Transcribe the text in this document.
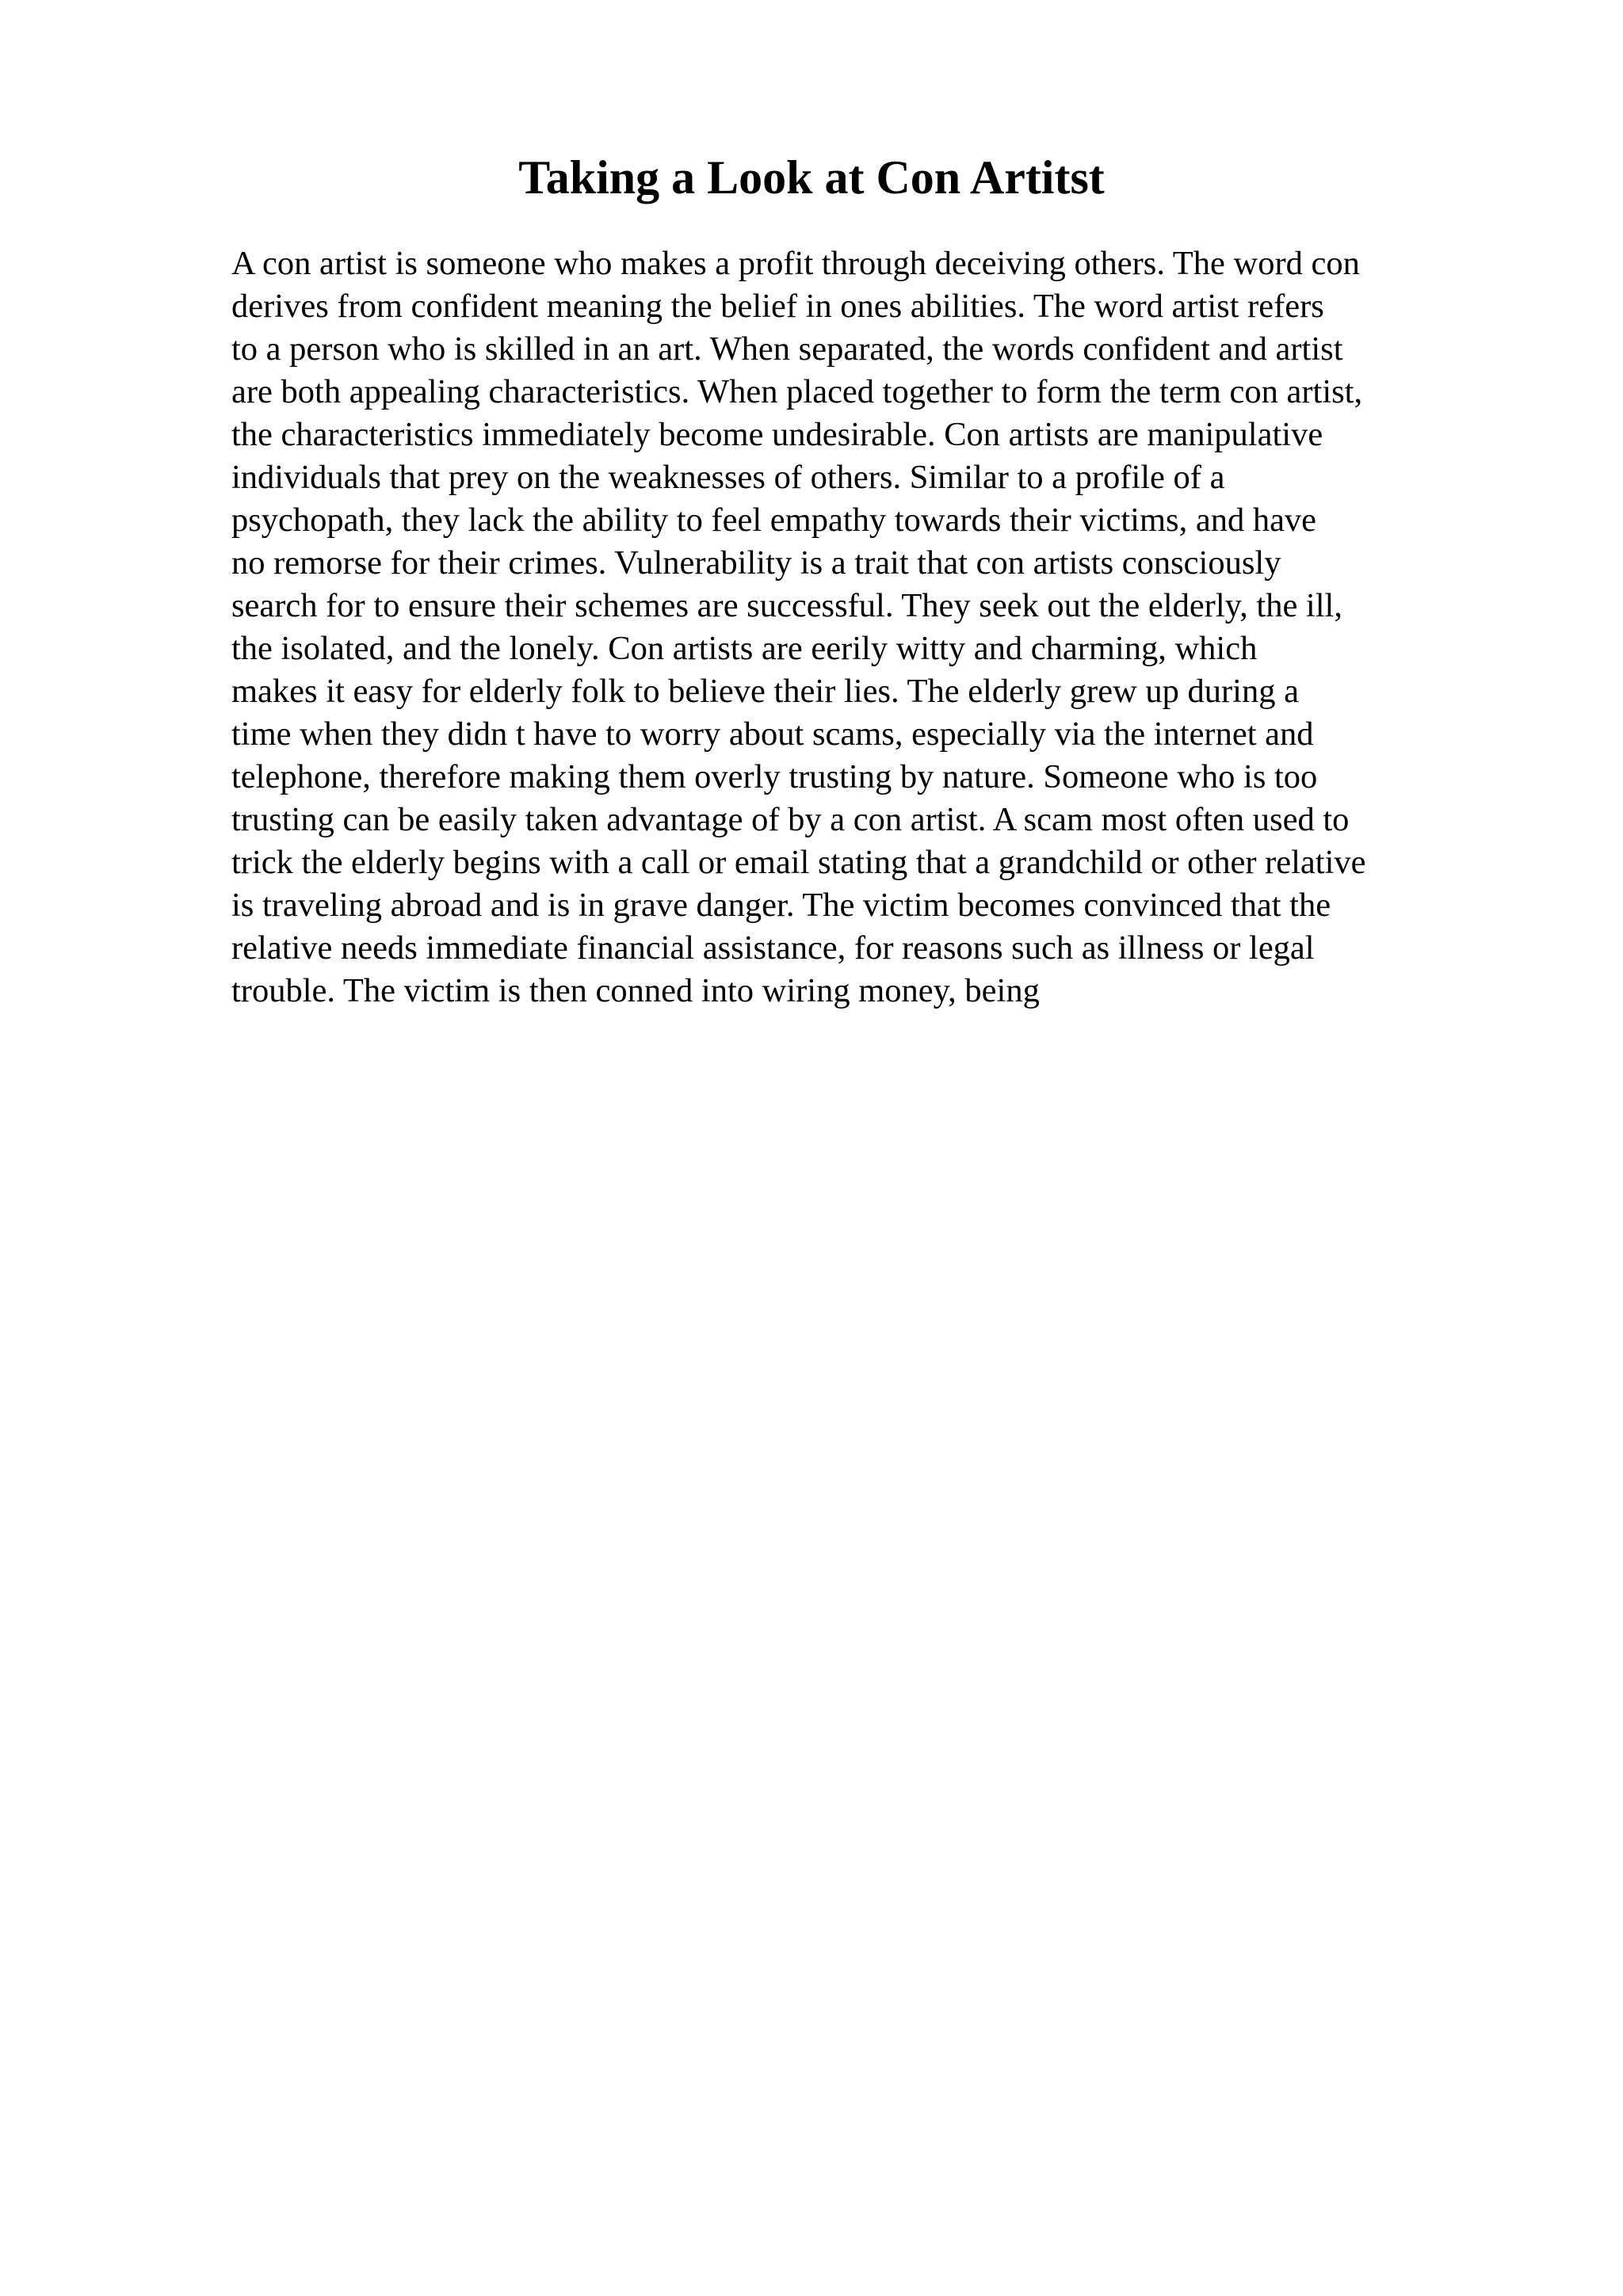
Taking a Look at Con Artitst
A con artist is someone who makes a profit through deceiving others. The word con
derives from confident meaning the belief in ones abilities. The word artist refers
to a person who is skilled in an art. When separated, the words confident and artist
are both appealing characteristics. When placed together to form the term con artist,
the characteristics immediately become undesirable. Con artists are manipulative
individuals that prey on the weaknesses of others. Similar to a profile of a
psychopath, they lack the ability to feel empathy towards their victims, and have
no remorse for their crimes. Vulnerability is a trait that con artists consciously
search for to ensure their schemes are successful. They seek out the elderly, the ill,
the isolated, and the lonely. Con artists are eerily witty and charming, which
makes it easy for elderly folk to believe their lies. The elderly grew up during a
time when they didn t have to worry about scams, especially via the internet and
telephone, therefore making them overly trusting by nature. Someone who is too
trusting can be easily taken advantage of by a con artist. A scam most often used to
trick the elderly begins with a call or email stating that a grandchild or other relative
is traveling abroad and is in grave danger. The victim becomes convinced that the
relative needs immediate financial assistance, for reasons such as illness or legal
trouble. The victim is then conned into wiring money, being
